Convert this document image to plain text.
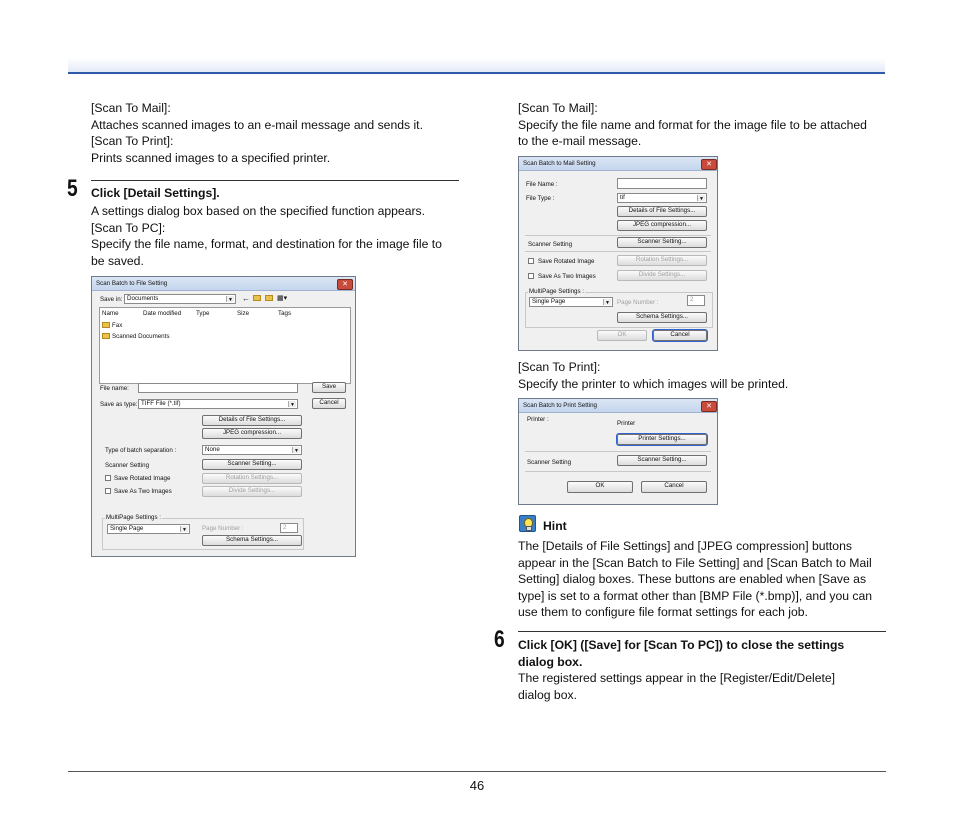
46
[Scan To Mail]:
Attaches scanned images to an e-mail message and sends it.
[Scan To Print]:
Prints scanned images to a specified printer.
5 Click [Detail Settings].
A settings dialog box based on the specified function appears.
[Scan To PC]:
Specify the file name, format, and destination for the image file to
be saved.
Scan Batch to File Setting	✕
Save in: Documents	▼ ←	▦▾
Name	Date modified Type	Size	Tags
Fax
Scanned Documents
File name:	Save
Save as type: TIFF File (*.tif)	▼	Cancel
Details of File Settings...
JPEG compression...
Type of batch separation :	None	▼
Scanner Setting	Scanner Setting...
Save Rotated Image	Rotation Settings...
Save As Two Images	Divide Settings...
MultiPage Settings :
Single Page	▼ Page Number :	2
Schema Settings...
[Scan To Mail]:
Specify the file name and format for the image file to be attached
to the e-mail message.
Scan Batch to Mail Setting	✕
File Name :
File Type :	tif	▼
Details of File Settings...
JPEG compression...
Scanner Setting	Scanner Setting...
Save Rotated Image	Rotation Settings...
Save As Two Images	Divide Settings...
MultiPage Settings :
Single Page	▼ Page Number :	2
Schema Settings...
OK	Cancel
[Scan To Print]:
Specify the printer to which images will be printed.
Scan Batch to Print Setting	✕
Printer :
Printer
Printer Settings...
Scanner Setting	Scanner Setting...
OK	Cancel
Hint
The [Details of File Settings] and [JPEG compression] buttons
appear in the [Scan Batch to File Setting] and [Scan Batch to Mail
Setting] dialog boxes. These buttons are enabled when [Save as
type] is set to a format other than [BMP File (*.bmp)], and you can
use them to configure file format settings for each job.
6 Click [OK] ([Save] for [Scan To PC]) to close the settings
dialog box.
The registered settings appear in the [Register/Edit/Delete]
dialog box.
